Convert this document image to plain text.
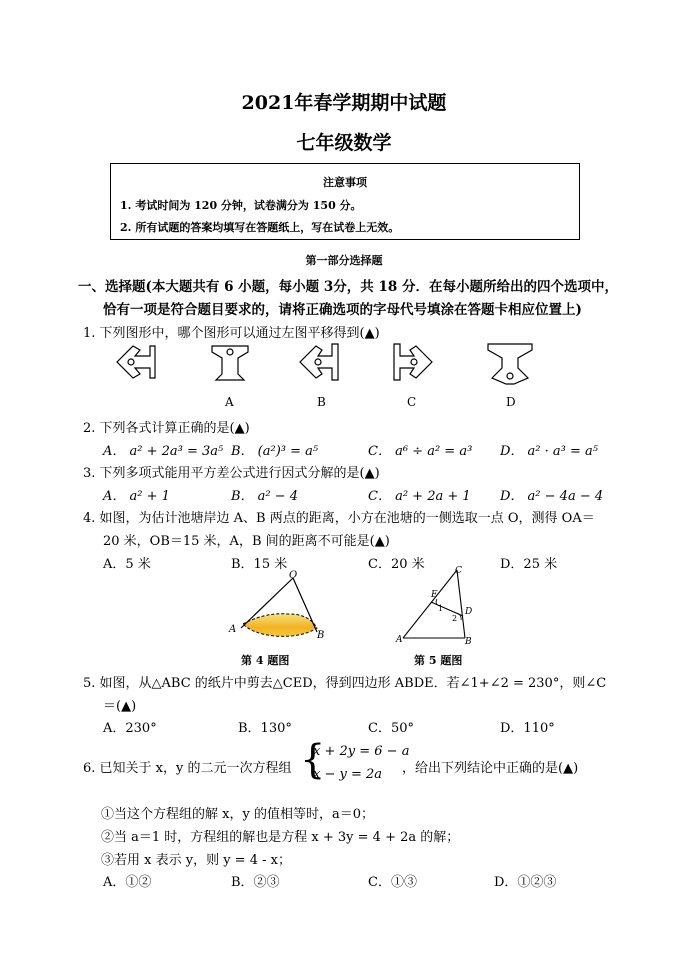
2021年春学期期中试题
七年级数学
注意事项
1. 考试时间为 120 分钟，试卷满分为 150 分。
2. 所有试题的答案均填写在答题纸上，写在试卷上无效。
第一部分选择题
一、选择题(本大题共有 6 小题，每小题 3分，共 18 分．在每小题所给出的四个选项中，
恰有一项是符合题目要求的，请将正确选项的字母代号填涂在答题卡相应位置上)
1. 下列图形中，哪个图形可以通过左图平移得到(▲)
A	B	C	D
2. 下列各式计算正确的是(▲)
A． a² + 2a³ = 3a⁵ B． (a²)³ = a⁵	C． a⁶ ÷ a² = a³ D． a² · a³ = a⁵
3. 下列多项式能用平方差公式进行因式分解的是(▲)
A． a² + 1	B． a² − 4	C． a² + 2a + 1 D． a² − 4a − 4
4. 如图，为估计池塘岸边 A、B 两点的距离，小方在池塘的一侧选取一点 O，测得 OA＝
20 米，OB＝15 米，A，B 间的距离不可能是(▲)
A．5 米	B．15 米	C．20 米	D．25 米
O
A
B
第 4 题图
C
E
1 D
2
A	B
第 5 题图
5. 如图，从△ABC 的纸片中剪去△CED，得到四边形 ABDE．若∠1+∠2 = 230°，则∠C
＝(▲)
A．230°	B．130°	C．50°	D．110°
6. 已知关于 x，y 的二元一次方程组 {
x + 2y = 6 − a
x − y = 2a ，给出下列结论中正确的是(▲)
①当这个方程组的解 x，y 的值相等时，a＝0；
②当 a＝1 时，方程组的解也是方程 x + 3y = 4 + 2a 的解；
③若用 x 表示 y，则 y = 4 - x；
A．①②	B．②③	C．①③	D．①②③
